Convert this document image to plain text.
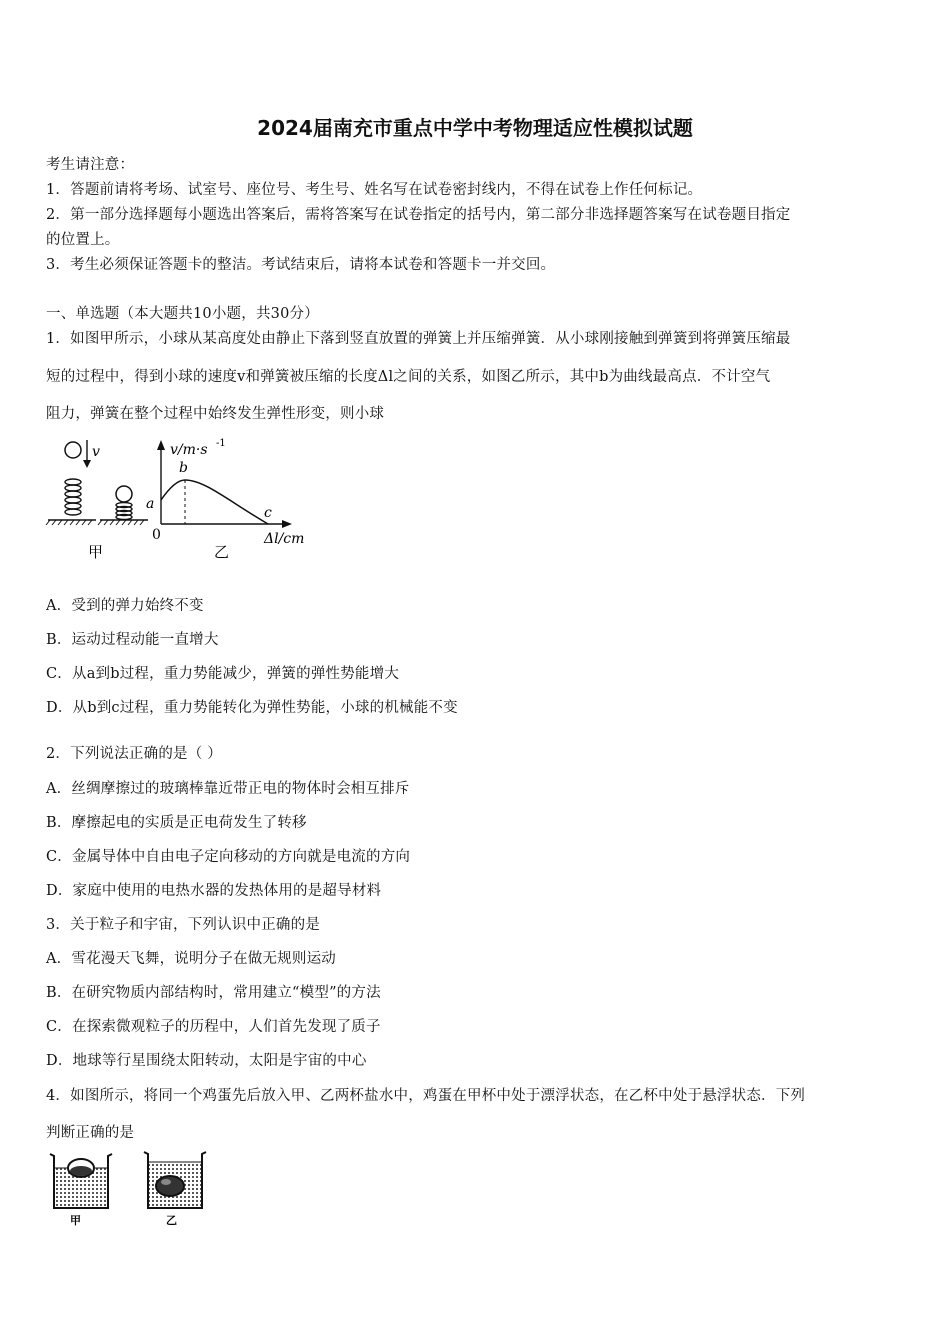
2024届南充市重点中学中考物理适应性模拟试题
考生请注意：
1．答题前请将考场、试室号、座位号、考生号、姓名写在试卷密封线内，不得在试卷上作任何标记。
2．第一部分选择题每小题选出答案后，需将答案写在试卷指定的括号内，第二部分非选择题答案写在试卷题目指定
的位置上。
3．考生必须保证答题卡的整洁。考试结束后，请将本试卷和答题卡一并交回。
一、单选题（本大题共10小题，共30分）
1．如图甲所示，小球从某高度处由静止下落到竖直放置的弹簧上并压缩弹簧．从小球刚接触到弹簧到将弹簧压缩最
短的过程中，得到小球的速度v和弹簧被压缩的长度Δl之间的关系，如图乙所示，其中b为曲线最高点．不计空气
阻力，弹簧在整个过程中始终发生弹性形变，则小球
v
甲
v/m·s -1
b
a
c
0	Δl/cm
乙
A．受到的弹力始终不变
B．运动过程动能一直增大
C．从a到b过程，重力势能减少，弹簧的弹性势能增大
D．从b到c过程，重力势能转化为弹性势能，小球的机械能不变
2．下列说法正确的是（ ）
A．丝绸摩擦过的玻璃棒靠近带正电的物体时会相互排斥
B．摩擦起电的实质是正电荷发生了转移
C．金属导体中自由电子定向移动的方向就是电流的方向
D．家庭中使用的电热水器的发热体用的是超导材料
3．关于粒子和宇宙，下列认识中正确的是
A．雪花漫天飞舞，说明分子在做无规则运动
B．在研究物质内部结构时，常用建立“模型”的方法
C．在探索微观粒子的历程中，人们首先发现了质子
D．地球等行星围绕太阳转动，太阳是宇宙的中心
4．如图所示，将同一个鸡蛋先后放入甲、乙两杯盐水中，鸡蛋在甲杯中处于漂浮状态，在乙杯中处于悬浮状态．下列
判断正确的是
甲	乙
